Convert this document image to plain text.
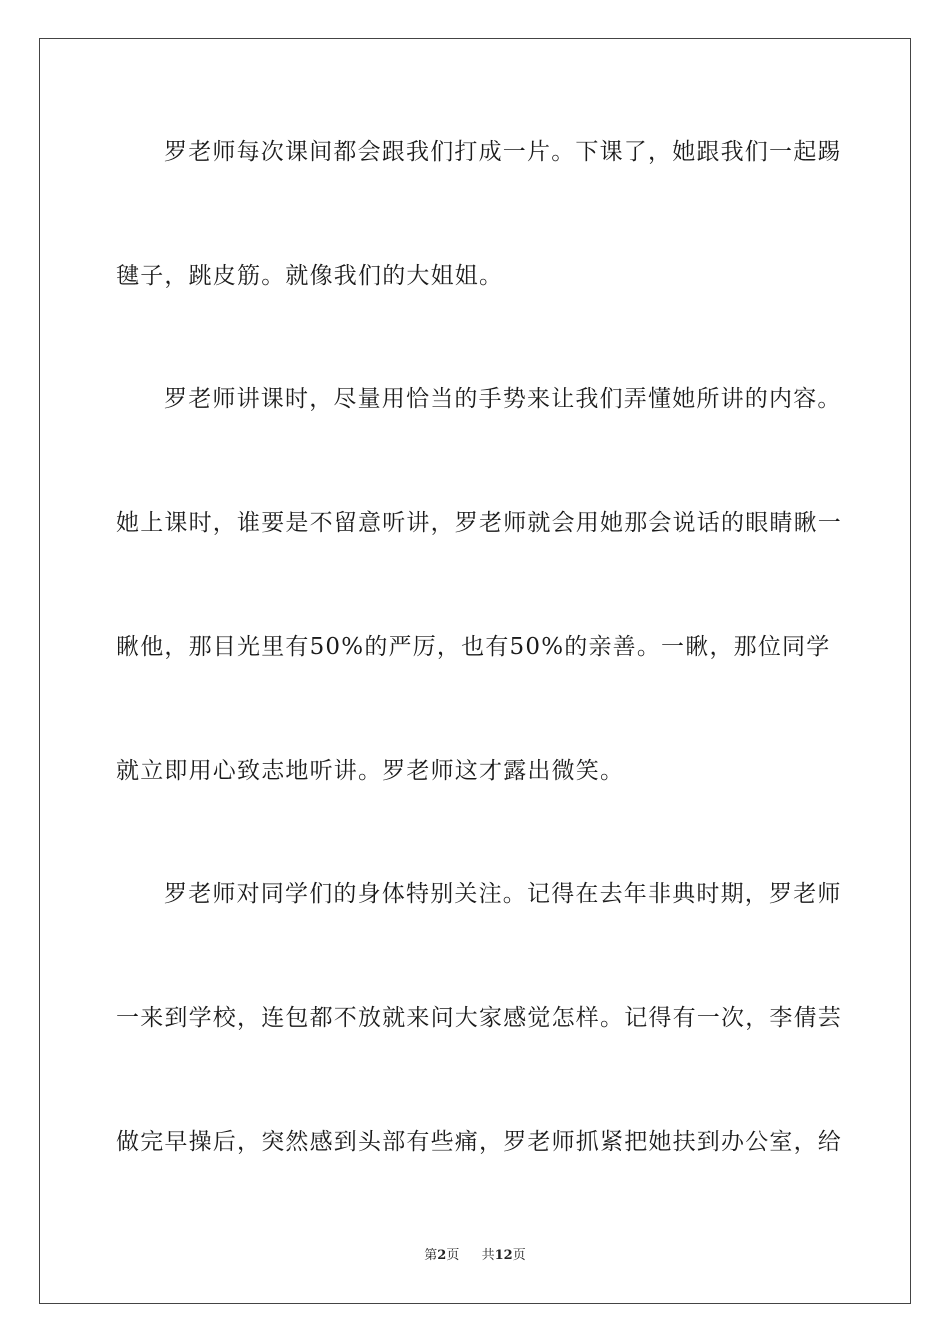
罗老师每次课间都会跟我们打成一片。下课了，她跟我们一起踢
毽子，跳皮筋。就像我们的大姐姐。
罗老师讲课时，尽量用恰当的手势来让我们弄懂她所讲的内容。
她上课时，谁要是不留意听讲，罗老师就会用她那会说话的眼睛瞅一
瞅他，那目光里有50%的严厉，也有50%的亲善。一瞅，那位同学
就立即用心致志地听讲。罗老师这才露出微笑。
罗老师对同学们的身体特别关注。记得在去年非典时期，罗老师
一来到学校，连包都不放就来问大家感觉怎样。记得有一次，李倩芸
做完早操后，突然感到头部有些痛，罗老师抓紧把她扶到办公室，给
第2页 共12页
